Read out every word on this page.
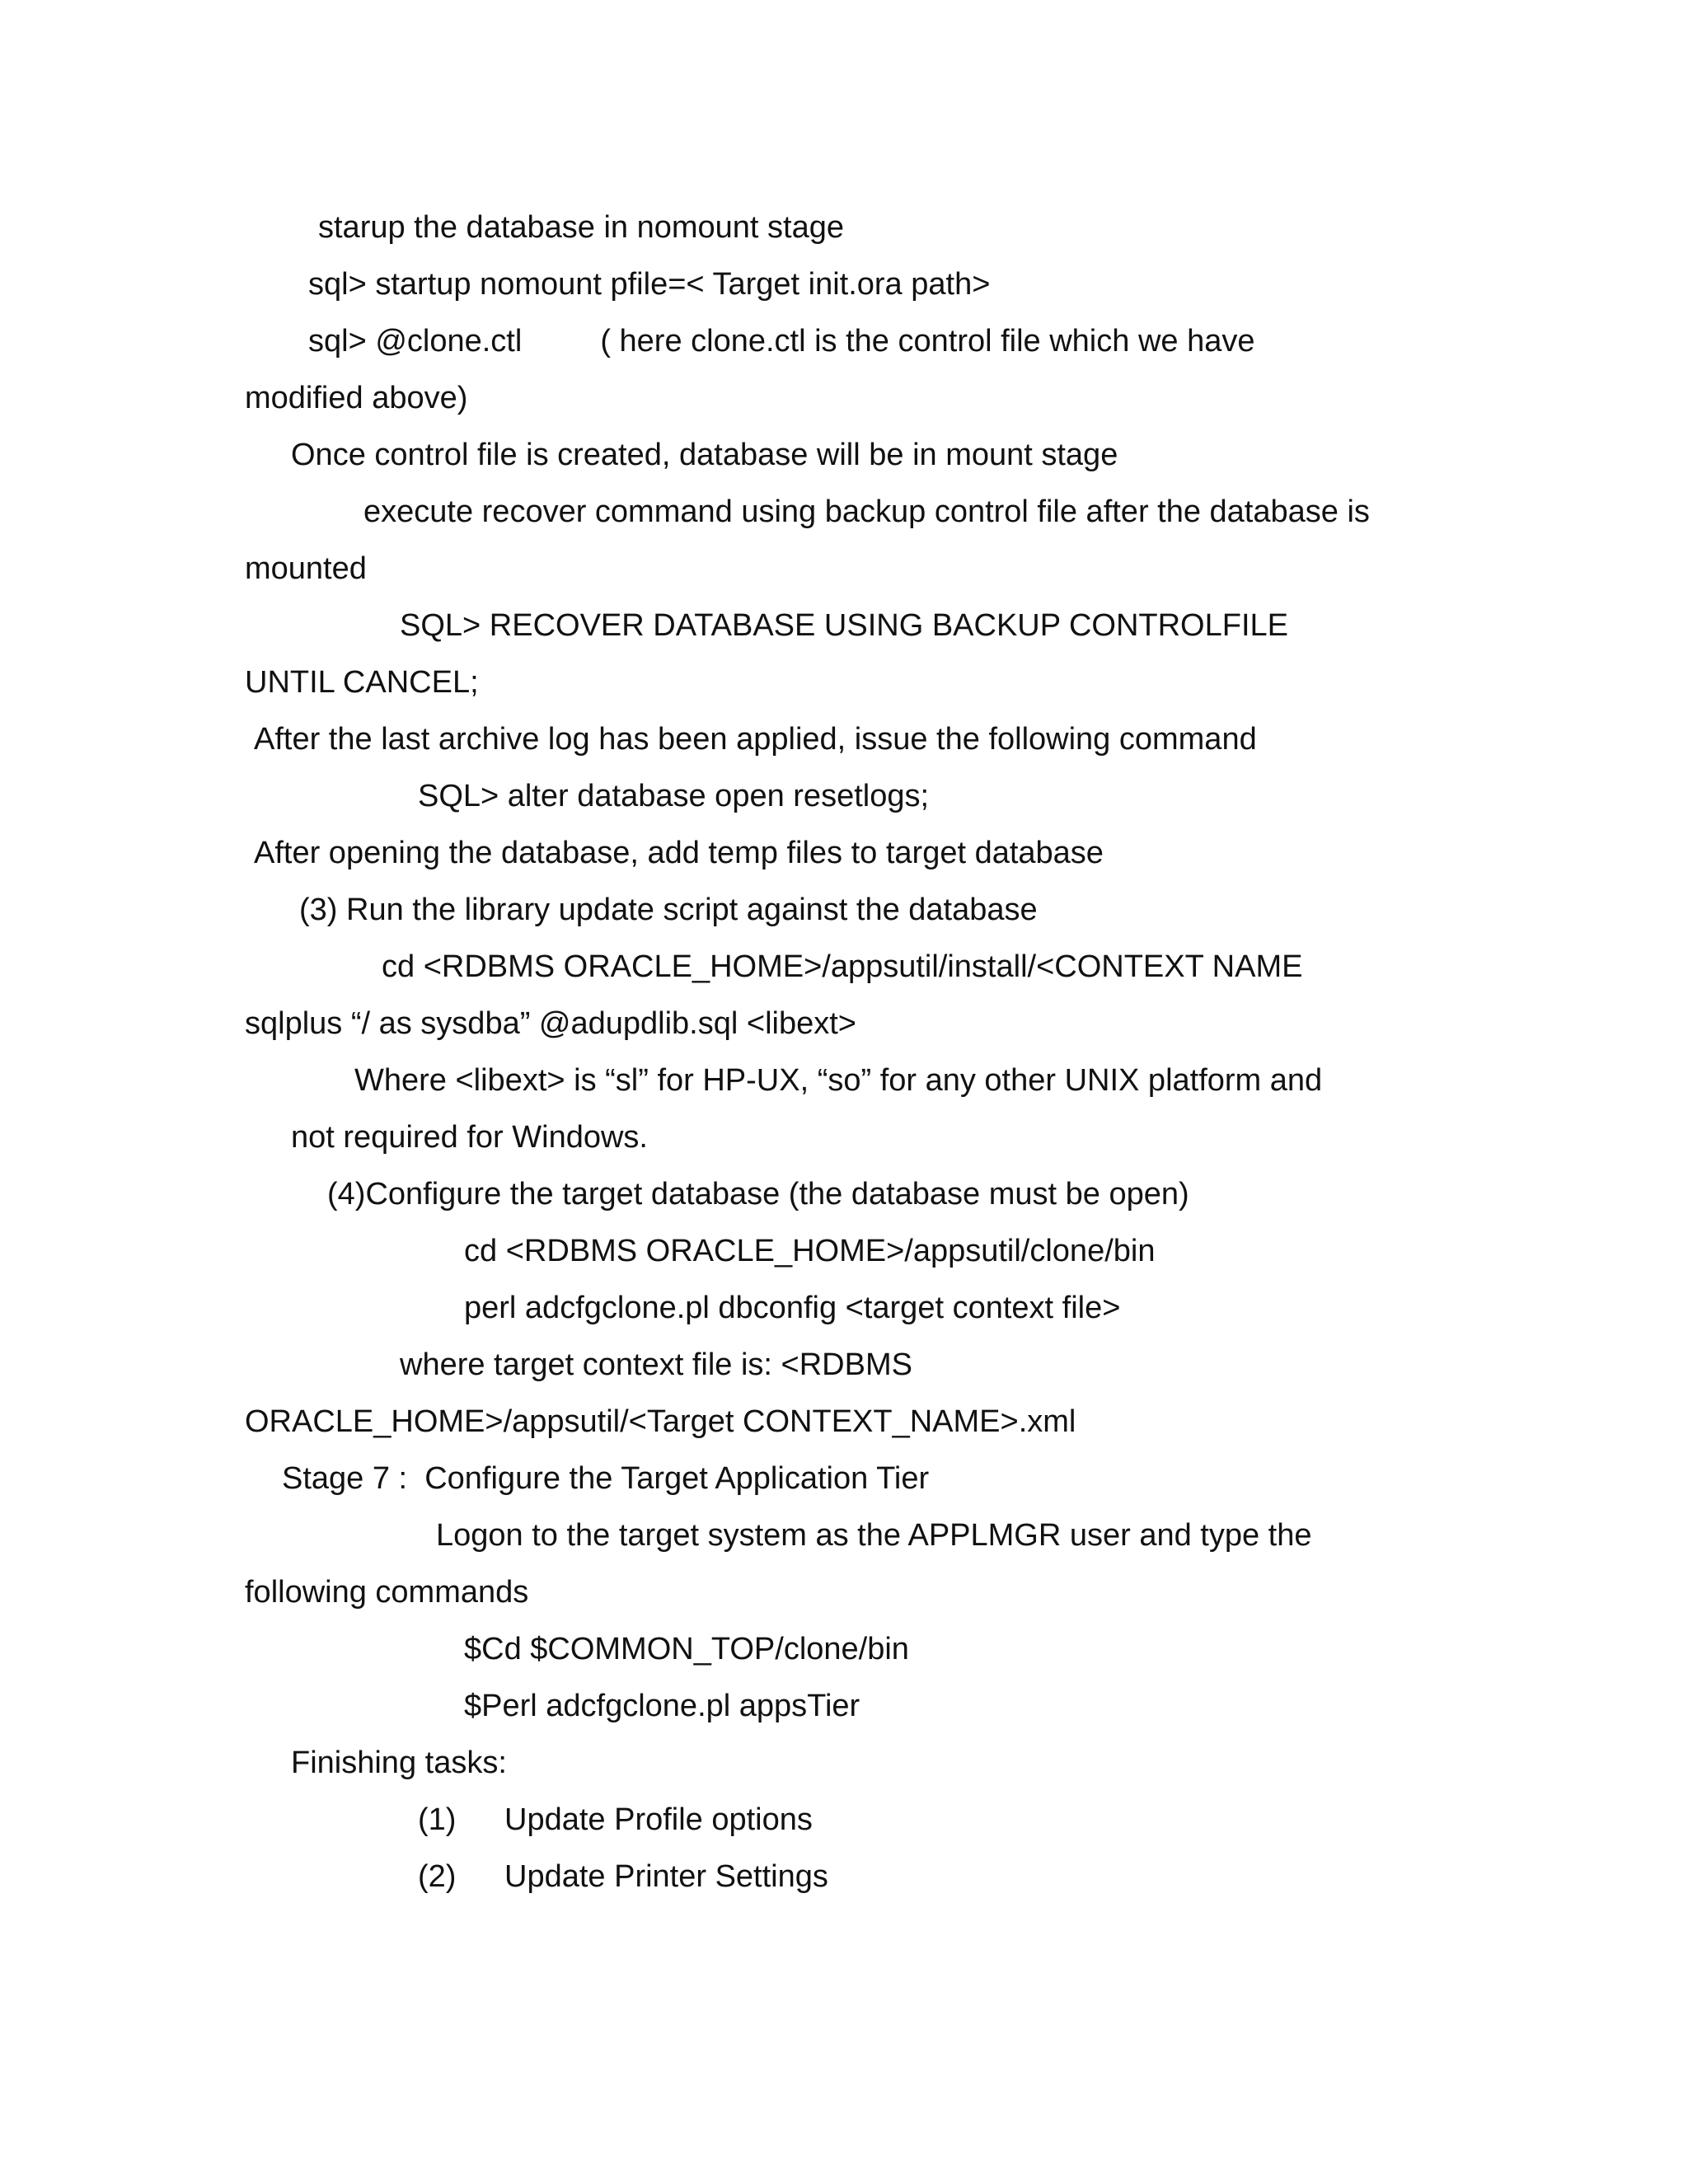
starup the database in nomount stage

sql> startup nomount pfile=< Target init.ora path>

sql> @clone.ctl         ( here clone.ctl is the control file which we have

modified above)

Once control file is created, database will be in mount stage

execute recover command using backup control file after the database is

mounted

SQL> RECOVER DATABASE USING BACKUP CONTROLFILE

UNTIL CANCEL;

After the last archive log has been applied, issue the following command

SQL> alter database open resetlogs;

After opening the database, add temp files to target database

(3) Run the library update script against the database

cd <RDBMS ORACLE_HOME>/appsutil/install/<CONTEXT NAME

sqlplus “/ as sysdba” @adupdlib.sql <libext>

Where <libext> is “sl” for HP-UX, “so” for any other UNIX platform and

not required for Windows.

(4)Configure the target database (the database must be open)

cd <RDBMS ORACLE_HOME>/appsutil/clone/bin

perl adcfgclone.pl dbconfig <target context file>

where target context file is: <RDBMS

ORACLE_HOME>/appsutil/<Target CONTEXT_NAME>.xml

Stage 7 :  Configure the Target Application Tier

Logon to the target system as the APPLMGR user and type the

following commands

$Cd $COMMON_TOP/clone/bin

$Perl adcfgclone.pl appsTier

Finishing tasks:

(1) Update Profile options
(2) Update Printer Settings
